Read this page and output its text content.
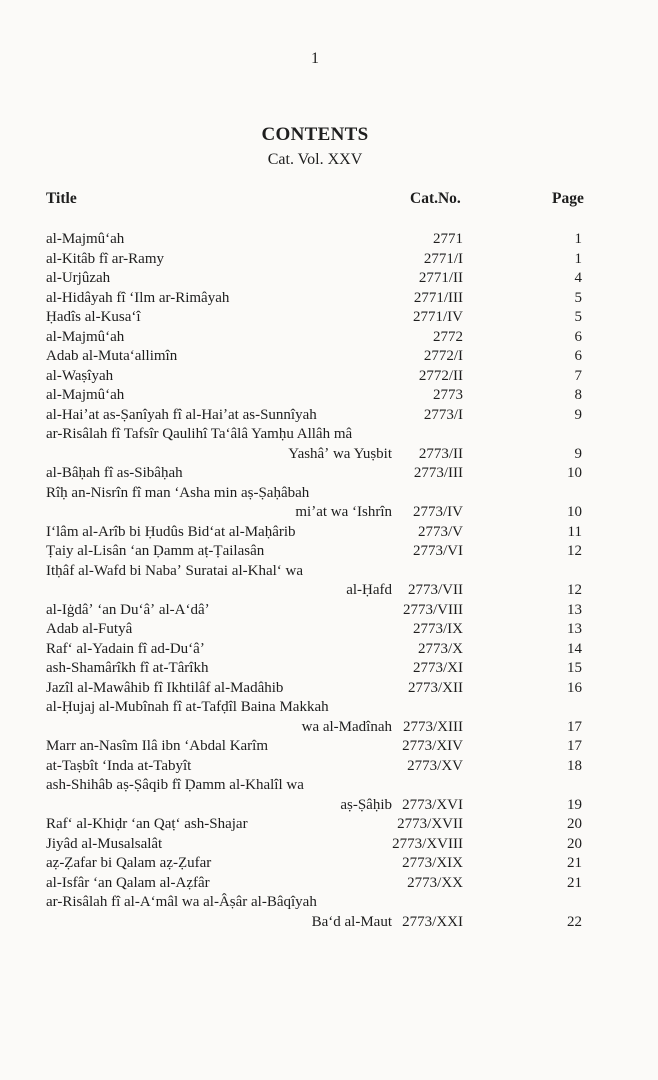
1
CONTENTS
Cat. Vol. XXV
Title	Cat.No.	Page
al-Majmûʻah	2771	1
al-Kitâb fî ar-Ramy	2771/I	1
al-Urjûzah	2771/II	4
al-Hidâyah fî ʻIlm ar-Rimâyah	2771/III	5
Ḥadîs al-Kusaʻî	2771/IV	5
al-Majmûʻah	2772	6
Adab al-Mutaʻallimîn	2772/I	6
al-Waṣîyah	2772/II	7
al-Majmûʻah	2773	8
al-Haiʼat as-Ṣanîyah fî al-Haiʼat as-Sunnîyah	2773/I	9
ar-Risâlah fî Tafsîr Qaulihî Taʻâlâ Yamḥu Allâh mâ
Yashâʼ wa Yuṣbit 2773/II	9
al-Bâḥah fî as-Sibâḥah	2773/III	10
Rîḥ an-Nisrîn fî man ʻAsha min aṣ-Ṣaḥâbah
miʼat wa ʻIshrîn 2773/IV	10
Iʻlâm al-Arîb bi Ḥudûs Bidʻat al-Maḥârib	2773/V	11
Ṭaiy al-Lisân ʻan Ḍamm aṭ-Ṭailasân	2773/VI	12
Itḥâf al-Wafd bi Nabaʼ Suratai al-Khalʻ wa
al-Ḥafd 2773/VII	12
al-Iġdâʼ ʻan Duʻâʼ al-Aʻdâʼ	2773/VIII	13
Adab al-Futyâ	2773/IX	13
Rafʻ al-Yadain fî ad-Duʻâʼ	2773/X	14
ash-Shamârîkh fî at-Târîkh	2773/XI	15
Jazîl al-Mawâhib fî Ikhtilâf al-Madâhib	2773/XII	16
al-Ḥujaj al-Mubînah fî at-Tafḍîl Baina Makkah
wa al-Madînah 2773/XIII	17
Marr an-Nasîm Ilâ ibn ʻAbdal Karîm	2773/XIV	17
at-Taṣbît ʻInda at-Tabyît	2773/XV	18
ash-Shihâb aṣ-Ṣâqib fî Ḍamm al-Khalîl wa
aṣ-Ṣâḥib 2773/XVI	19
Rafʻ al-Khiḍr ʻan Qaṭʻ ash-Shajar	2773/XVII	20
Jiyâd al-Musalsalât	2773/XVIII	20
aẓ-Ẓafar bi Qalam aẓ-Ẓufar	2773/XIX	21
al-Isfâr ʻan Qalam al-Aẓfâr	2773/XX	21
ar-Risâlah fî al-Aʻmâl wa al-Âṣâr al-Bâqîyah
Baʻd al-Maut 2773/XXI	22
